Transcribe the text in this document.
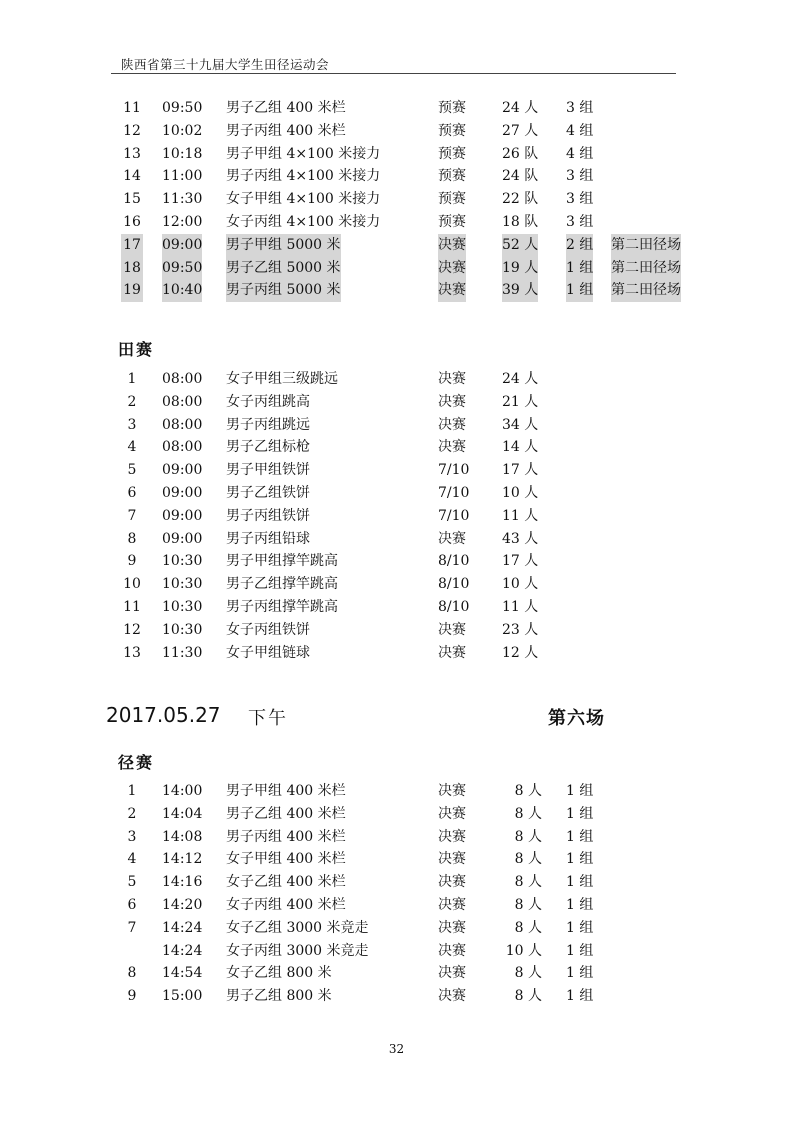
陕西省第三十九届大学生田径运动会
11 09:50 男子乙组 400 米栏	预赛	24 人 3 组
12 10:02 男子丙组 400 米栏	预赛	27 人 4 组
13 10:18 男子甲组 4×100 米接力	预赛	26 队 4 组
14 11:00 男子丙组 4×100 米接力	预赛	24 队 3 组
15 11:30 女子甲组 4×100 米接力	预赛	22 队 3 组
16 12:00 女子丙组 4×100 米接力	预赛	18 队 3 组
17 09:00 男子甲组 5000 米	决赛	52 人 2 组 第二田径场
18 09:50 男子乙组 5000 米	决赛	19 人 1 组 第二田径场
19 10:40 男子丙组 5000 米	决赛	39 人 1 组 第二田径场
田赛
1	08:00 女子甲组三级跳远	决赛	24 人
2	08:00 女子丙组跳高	决赛	21 人
3	08:00 男子丙组跳远	决赛	34 人
4	08:00 男子乙组标枪	决赛	14 人
5	09:00 男子甲组铁饼	7/10 17 人
6	09:00 男子乙组铁饼	7/10 10 人
7	09:00 男子丙组铁饼	7/10 11 人
8	09:00 男子丙组铅球	决赛	43 人
9	10:30 男子甲组撑竿跳高	8/10 17 人
10 10:30 男子乙组撑竿跳高	8/10 10 人
11 10:30 男子丙组撑竿跳高	8/10 11 人
12 10:30 女子丙组铁饼	决赛	23 人
13 11:30 女子甲组链球	决赛	12 人
2017.05.27 下午	第六场
径赛
1	14:00 男子甲组 400 米栏	决赛	8 人 1 组
2	14:04 男子乙组 400 米栏	决赛	8 人 1 组
3	14:08 男子丙组 400 米栏	决赛	8 人 1 组
4	14:12 女子甲组 400 米栏	决赛	8 人 1 组
5	14:16 女子乙组 400 米栏	决赛	8 人 1 组
6	14:20 女子丙组 400 米栏	决赛	8 人 1 组
7	14:24 女子乙组 3000 米竞走	决赛	8 人 1 组
14:24 女子丙组 3000 米竞走	决赛	10 人 1 组
8	14:54 女子乙组 800 米	决赛	8 人 1 组
9	15:00 男子乙组 800 米	决赛	8 人 1 组
32
